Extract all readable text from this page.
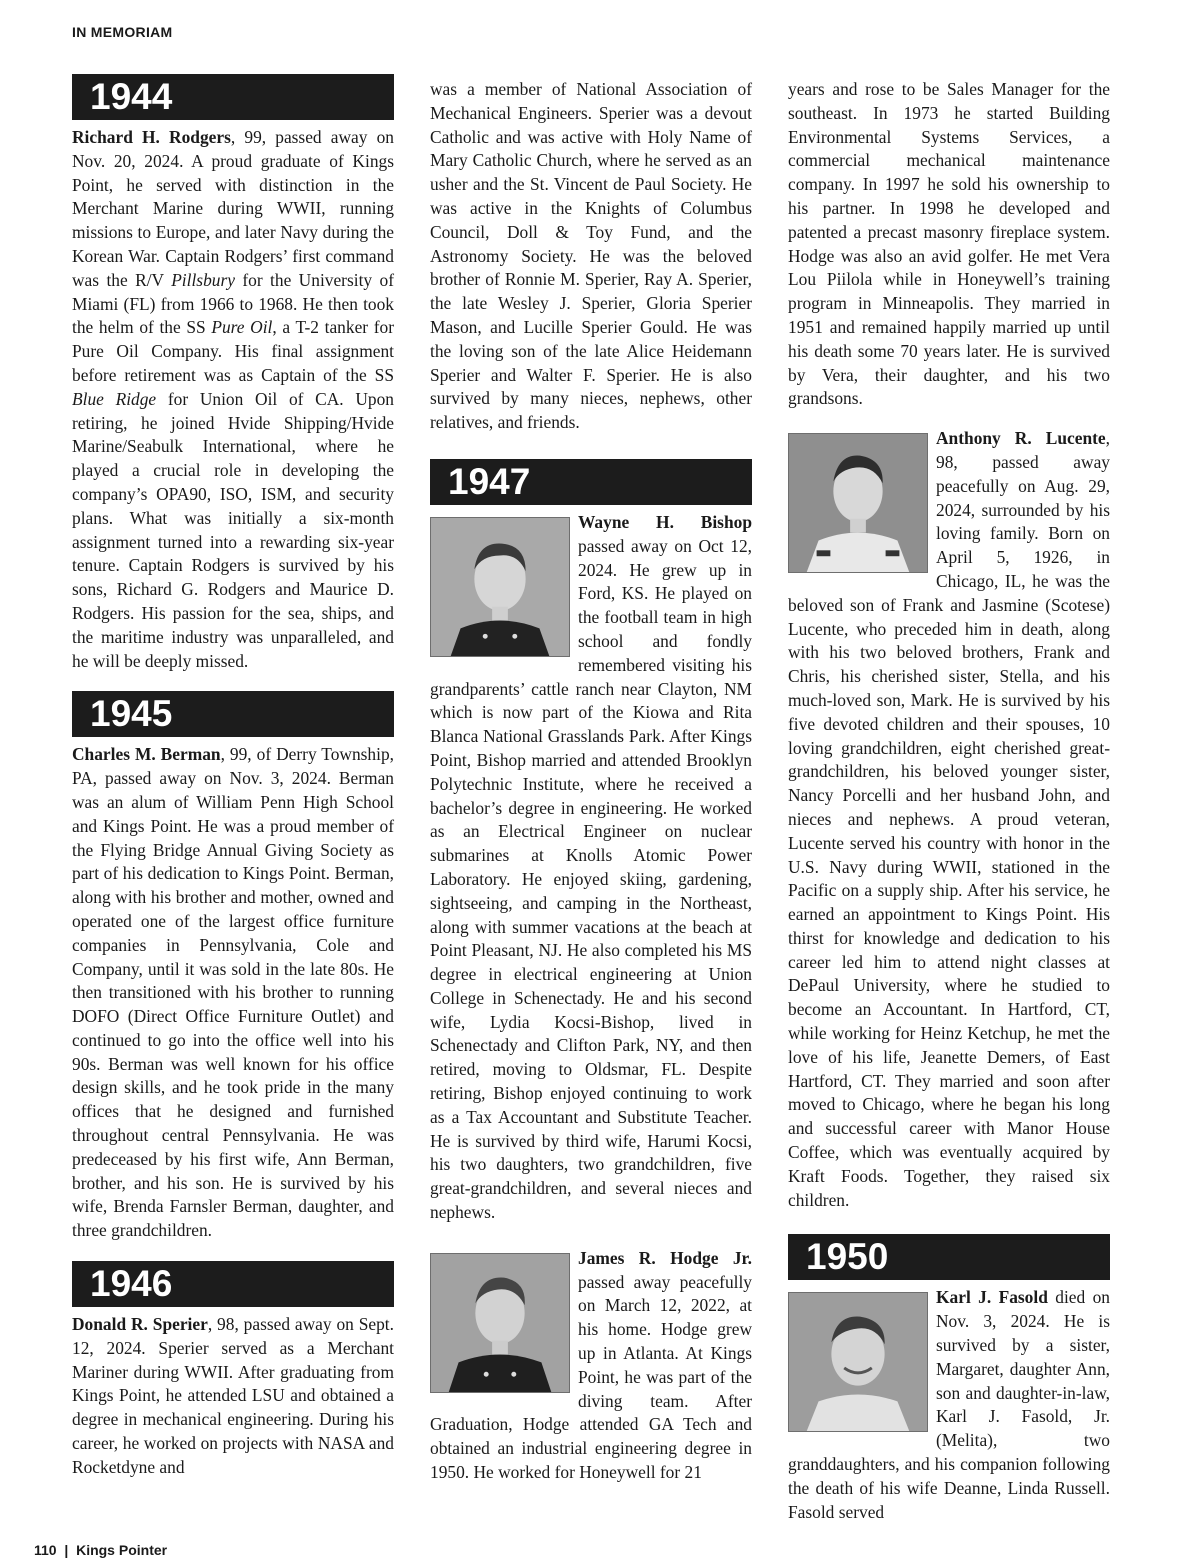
IN MEMORIAM
1944

Richard H. Rodgers, 99, passed away on Nov. 20, 2024. A proud graduate of Kings Point, he served with distinction in the Merchant Marine during WWII, running missions to Europe, and later Navy during the Korean War. Captain Rodgers’ first command was the R/V Pillsbury for the University of Miami (FL) from 1966 to 1968. He then took the helm of the SS Pure Oil, a T-2 tanker for Pure Oil Company. His final assignment before retirement was as Captain of the SS Blue Ridge for Union Oil of CA. Upon retiring, he joined Hvide Shipping/Hvide Marine/Seabulk International, where he played a crucial role in developing the company’s OPA90, ISO, ISM, and security plans. What was initially a six-month assignment turned into a rewarding six-year tenure. Captain Rodgers is survived by his sons, Richard G. Rodgers and Maurice D. Rodgers. His passion for the sea, ships, and the maritime industry was unparalleled, and he will be deeply missed.

1945

Charles M. Berman, 99, of Derry Township, PA, passed away on Nov. 3, 2024. Berman was an alum of William Penn High School and Kings Point. He was a proud member of the Flying Bridge Annual Giving Society as part of his dedication to Kings Point. Berman, along with his brother and mother, owned and operated one of the largest office furniture companies in Pennsylvania, Cole and Company, until it was sold in the late 80s. He then transitioned with his brother to running DOFO (Direct Office Furniture Outlet) and continued to go into the office well into his 90s. Berman was well known for his office design skills, and he took pride in the many offices that he designed and furnished throughout central Pennsylvania. He was predeceased by his first wife, Ann Berman, brother, and his son. He is survived by his wife, Brenda Farnsler Berman, daughter, and three grandchildren.

1946

Donald R. Sperier, 98, passed away on Sept. 12, 2024. Sperier served as a Merchant Mariner during WWII. After graduating from Kings Point, he attended LSU and obtained a degree in mechanical engineering. During his career, he worked on projects with NASA and Rocketdyne and

was a member of National Association of Mechanical Engineers. Sperier was a devout Catholic and was active with Holy Name of Mary Catholic Church, where he served as an usher and the St. Vincent de Paul Society. He was active in the Knights of Columbus Council, Doll & Toy Fund, and the Astronomy Society. He was the beloved brother of Ronnie M. Sperier, Ray A. Sperier, the late Wesley J. Sperier, Gloria Sperier Mason, and Lucille Sperier Gould. He was the loving son of the late Alice Heidemann Sperier and Walter F. Sperier. He is also survived by many nieces, nephews, other relatives, and friends.

1947

Wayne H. Bishop passed away on Oct 12, 2024. He grew up in Ford, KS. He played on the football team in high school and fondly remembered visiting his grandparents’ cattle ranch near Clayton, NM which is now part of the Kiowa and Rita Blanca National Grasslands Park. After Kings Point, Bishop married and attended Brooklyn Polytechnic Institute, where he received a bachelor’s degree in engineering. He worked as an Electrical Engineer on nuclear submarines at Knolls Atomic Power Laboratory. He enjoyed skiing, gardening, sightseeing, and camping in the Northeast, along with summer vacations at the beach at Point Pleasant, NJ. He also completed his MS degree in electrical engineering at Union College in Schenectady. He and his second wife, Lydia Kocsi-Bishop, lived in Schenectady and Clifton Park, NY, and then retired, moving to Oldsmar, FL. Despite retiring, Bishop enjoyed continuing to work as a Tax Accountant and Substitute Teacher. He is survived by third wife, Harumi Kocsi, his two daughters, two grandchildren, five great-grandchildren, and several nieces and nephews.

James R. Hodge Jr. passed away peacefully on March 12, 2022, at his home. Hodge grew up in Atlanta. At Kings Point, he was part of the diving team. After Graduation, Hodge attended GA Tech and obtained an industrial engineering degree in 1950. He worked for Honeywell for 21

years and rose to be Sales Manager for the southeast. In 1973 he started Building Environmental Systems Services, a commercial mechanical maintenance company. In 1997 he sold his ownership to his partner. In 1998 he developed and patented a precast masonry fireplace system. Hodge was also an avid golfer. He met Vera Lou Piilola while in Honeywell’s training program in Minneapolis. They married in 1951 and remained happily married up until his death some 70 years later. He is survived by Vera, their daughter, and his two grandsons.

Anthony R. Lucente, 98, passed away peacefully on Aug. 29, 2024, surrounded by his loving family. Born on April 5, 1926, in Chicago, IL, he was the beloved son of Frank and Jasmine (Scotese) Lucente, who preceded him in death, along with his two beloved brothers, Frank and Chris, his cherished sister, Stella, and his much-loved son, Mark. He is survived by his five devoted children and their spouses, 10 loving grandchildren, eight cherished great-grandchildren, his beloved younger sister, Nancy Porcelli and her husband John, and nieces and nephews. A proud veteran, Lucente served his country with honor in the U.S. Navy during WWII, stationed in the Pacific on a supply ship. After his service, he earned an appointment to Kings Point. His thirst for knowledge and dedication to his career led him to attend night classes at DePaul University, where he studied to become an Accountant. In Hartford, CT, while working for Heinz Ketchup, he met the love of his life, Jeanette Demers, of East Hartford, CT. They married and soon after moved to Chicago, where he began his long and successful career with Manor House Coffee, which was eventually acquired by Kraft Foods. Together, they raised six children.

1950

Karl J. Fasold died on Nov. 3, 2024. He is survived by a sister, Margaret, daughter Ann, son and daughter-in-law, Karl J. Fasold, Jr. (Melita), two granddaughters, and his companion following the death of his wife Deanne, Linda Russell. Fasold served

110 | Kings Pointer
